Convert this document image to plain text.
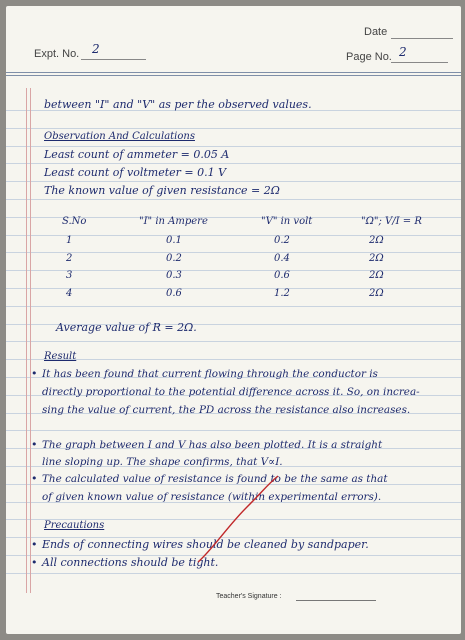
Date
Expt. No. 2
Page No. 2
between "I" and "V" as per the observed values.
Observation And Calculations
Least count of ammeter = 0.05 A
Least count of voltmeter = 0.1 V
The known value of given resistance = 2Ω
S.No	"I" in Ampere	"V" in volt	"Ω"; V/I = R
1	0.1	0.2	2Ω
2	0.2	0.4	2Ω
3	0.3	0.6	2Ω
4	0.6	1.2	2Ω
Average value of R = 2Ω.
Result
• It has been found that current flowing through the conductor is
directly proportional to the potential difference across it. So, on increa-
sing the value of current, the PD across the resistance also increases.
• The graph between I and V has also been plotted. It is a straight
line sloping up. The shape confirms, that V∝I.
• The calculated value of resistance is found to be the same as that
of given known value of resistance (within experimental errors).
Precautions
• Ends of connecting wires should be cleaned by sandpaper.
• All connections should be tight.
Teacher's Signature :
